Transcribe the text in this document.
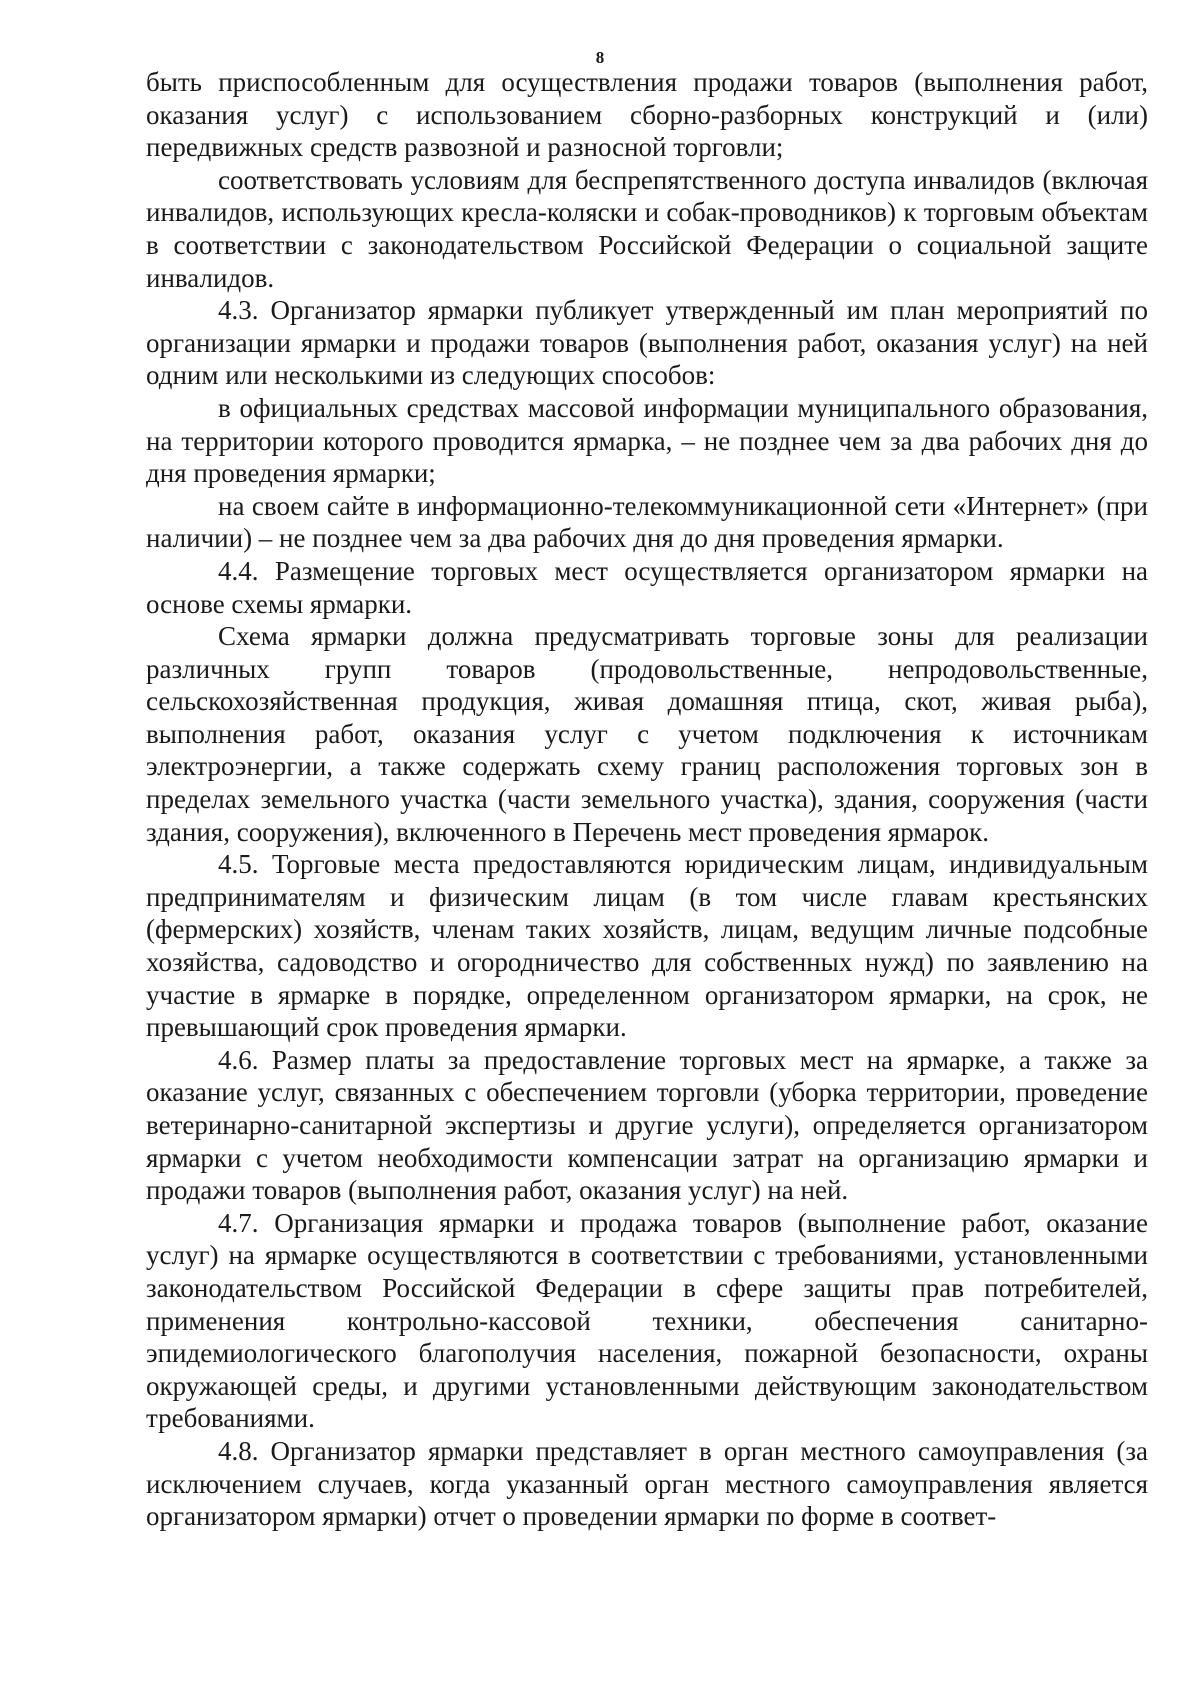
8

быть приспособленным для осуществления продажи товаров (выполнения работ, оказания услуг) с использованием сборно-разборных конструкций и (или) передвижных средств развозной и разносной торговли;

соответствовать условиям для беспрепятственного доступа инвалидов (включая инвалидов, использующих кресла-коляски и собак-проводников) к торговым объектам в соответствии с законодательством Российской Федерации о социальной защите инвалидов.

4.3. Организатор ярмарки публикует утвержденный им план мероприятий по организации ярмарки и продажи товаров (выполнения работ, оказания услуг) на ней одним или несколькими из следующих способов:

в официальных средствах массовой информации муниципального образования, на территории которого проводится ярмарка, – не позднее чем за два рабочих дня до дня проведения ярмарки;

на своем сайте в информационно-телекоммуникационной сети «Интернет» (при наличии) – не позднее чем за два рабочих дня до дня проведения ярмарки.

4.4. Размещение торговых мест осуществляется организатором ярмарки на основе схемы ярмарки.

Схема ярмарки должна предусматривать торговые зоны для реализации различных групп товаров (продовольственные, непродовольственные, сельскохозяйственная продукция, живая домашняя птица, скот, живая рыба), выполнения работ, оказания услуг с учетом подключения к источникам электроэнергии, а также содержать схему границ расположения торговых зон в пределах земельного участка (части земельного участка), здания, сооружения (части здания, сооружения), включенного в Перечень мест проведения ярмарок.

4.5. Торговые места предоставляются юридическим лицам, индивидуальным предпринимателям и физическим лицам (в том числе главам крестьянских (фермерских) хозяйств, членам таких хозяйств, лицам, ведущим личные подсобные хозяйства, садоводство и огородничество для собственных нужд) по заявлению на участие в ярмарке в порядке, определенном организатором ярмарки, на срок, не превышающий срок проведения ярмарки.

4.6. Размер платы за предоставление торговых мест на ярмарке, а также за оказание услуг, связанных с обеспечением торговли (уборка территории, проведение ветеринарно-санитарной экспертизы и другие услуги), определяется организатором ярмарки с учетом необходимости компенсации затрат на организацию ярмарки и продажи товаров (выполнения работ, оказания услуг) на ней.

4.7. Организация ярмарки и продажа товаров (выполнение работ, оказание услуг) на ярмарке осуществляются в соответствии с требованиями, установленными законодательством Российской Федерации в сфере защиты прав потребителей, применения контрольно-кассовой техники, обеспечения санитарно-эпидемиологического благополучия населения, пожарной безопасности, охраны окружающей среды, и другими установленными действующим законодательством требованиями.

4.8. Организатор ярмарки представляет в орган местного самоуправления (за исключением случаев, когда указанный орган местного самоуправления является организатором ярмарки) отчет о проведении ярмарки по форме в соответ-
